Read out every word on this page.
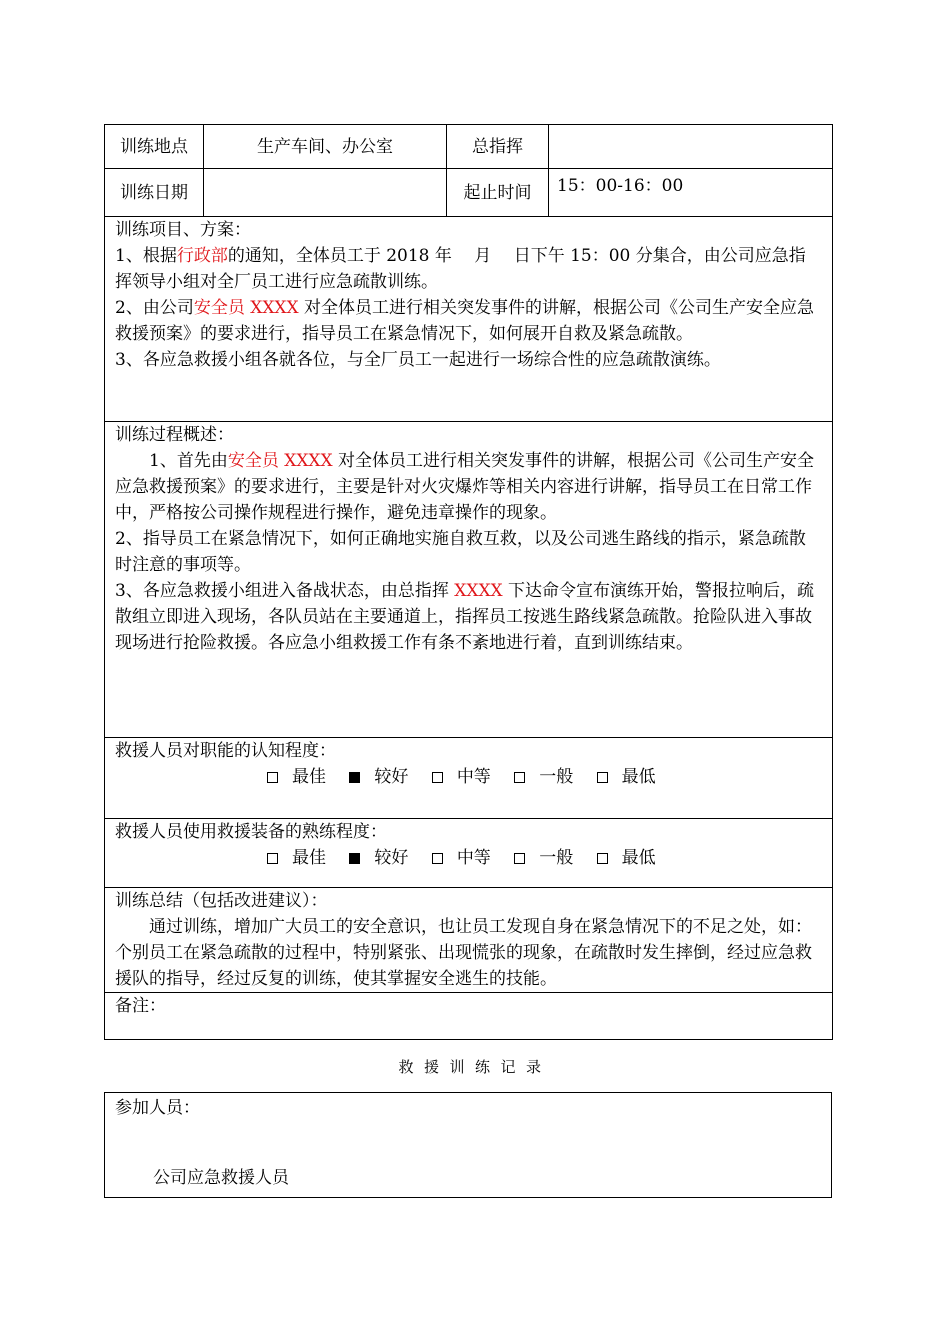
训练地点	生产车间、办公室	总指挥	
训练日期		起止时间	15：00-16：00

训练项目、方案：

1、根据行政部的通知，全体员工于 2018 年　 月　 日下午 15：00 分集合，由公司应急指挥领导小组对全厂员工进行应急疏散训练。

2、由公司安全员 XXXX 对全体员工进行相关突发事件的讲解，根据公司《公司生产安全应急救援预案》的要求进行，指导员工在紧急情况下，如何展开自救及紧急疏散。

3、各应急救援小组各就各位，与全厂员工一起进行一场综合性的应急疏散演练。			

训练过程概述：

1、首先由安全员 XXXX 对全体员工进行相关突发事件的讲解，根据公司《公司生产安全应急救援预案》的要求进行，主要是针对火灾爆炸等相关内容进行讲解，指导员工在日常工作中，严格按公司操作规程进行操作，避免违章操作的现象。

2、指导员工在紧急情况下，如何正确地实施自救互救，以及公司逃生路线的指示，紧急疏散时注意的事项等。

3、各应急救援小组进入备战状态，由总指挥 XXXX 下达命令宣布演练开始，警报拉响后，疏散组立即进入现场，各队员站在主要通道上，指挥员工按逃生路线紧急疏散。抢险队进入事故现场进行抢险救援。各应急小组救援工作有条不紊地进行着，直到训练结束。			

救援人员对职能的认知程度：

最佳 较好 中等 一般 最低			

救援人员使用救援装备的熟练程度：

最佳 较好 中等 一般 最低			

训练总结（包括改进建议）：

通过训练，增加广大员工的安全意识，也让员工发现自身在紧急情况下的不足之处，如：个别员工在紧急疏散的过程中，特别紧张、出现慌张的现象，在疏散时发生摔倒，经过应急救援队的指导，经过反复的训练，使其掌握安全逃生的技能。			

备注：			

救援训练记录

参加人员：

公司应急救援人员
